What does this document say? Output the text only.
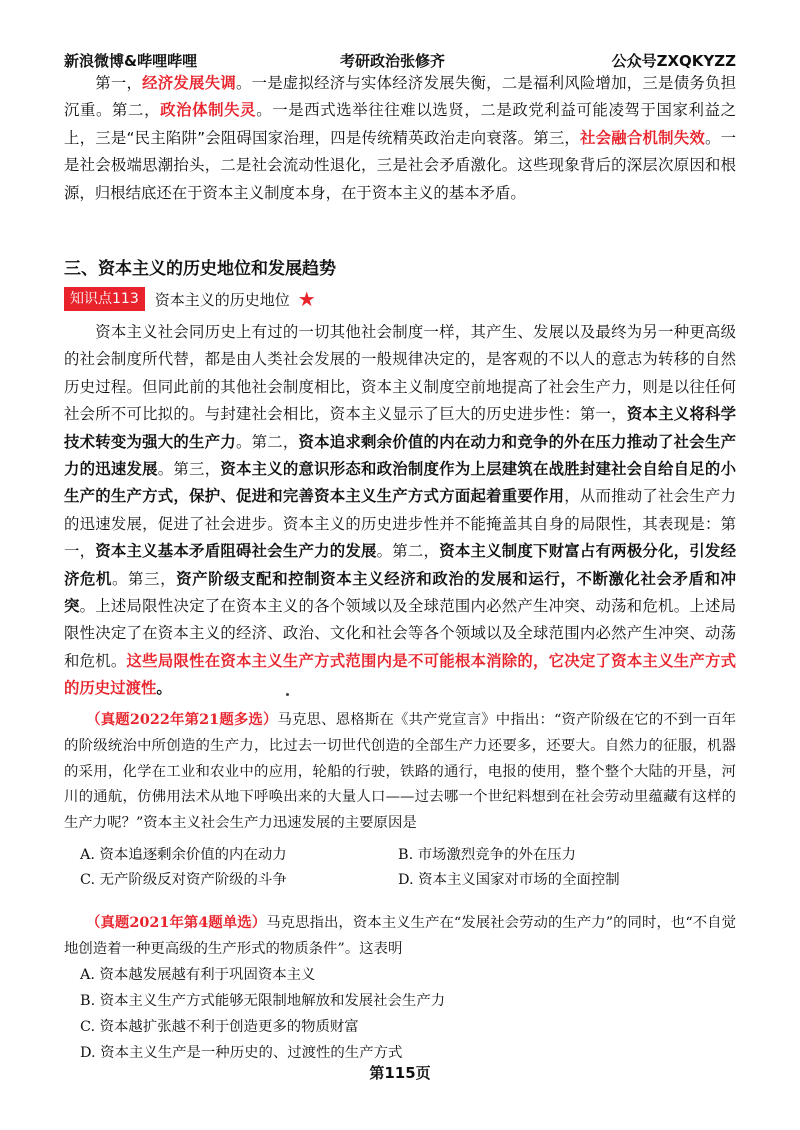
新浪微博&哔哩哔哩	考研政治张修齐	公众号ZXQKYZZ

第一，经济发展失调。一是虚拟经济与实体经济发展失衡，二是福利风险增加，三是债务负担沉重。第二，政治体制失灵。一是西式选举往往难以选贤，二是政党利益可能凌驾于国家利益之上，三是“民主陷阱”会阻碍国家治理，四是传统精英政治走向衰落。第三，社会融合机制失效。一是社会极端思潮抬头，二是社会流动性退化，三是社会矛盾激化。这些现象背后的深层次原因和根源，归根结底还在于资本主义制度本身，在于资本主义的基本矛盾。

三、资本主义的历史地位和发展趋势
知识点113	资本主义的历史地位 ★

资本主义社会同历史上有过的一切其他社会制度一样，其产生、发展以及最终为另一种更高级的社会制度所代替，都是由人类社会发展的一般规律决定的，是客观的不以人的意志为转移的自然历史过程。但同此前的其他社会制度相比，资本主义制度空前地提高了社会生产力，则是以往任何社会所不可比拟的。与封建社会相比，资本主义显示了巨大的历史进步性：第一，资本主义将科学技术转变为强大的生产力。第二，资本追求剩余价值的内在动力和竞争的外在压力推动了社会生产力的迅速发展。第三，资本主义的意识形态和政治制度作为上层建筑在战胜封建社会自给自足的小生产的生产方式，保护、促进和完善资本主义生产方式方面起着重要作用，从而推动了社会生产力的迅速发展，促进了社会进步。资本主义的历史进步性并不能掩盖其自身的局限性，其表现是：第一，资本主义基本矛盾阻碍社会生产力的发展。第二，资本主义制度下财富占有两极分化，引发经济危机。第三，资产阶级支配和控制资本主义经济和政治的发展和运行，不断激化社会矛盾和冲突。上述局限性决定了在资本主义的各个领域以及全球范围内必然产生冲突、动荡和危机。上述局限性决定了在资本主义的经济、政治、文化和社会等各个领域以及全球范围内必然产生冲突、动荡和危机。这些局限性在资本主义生产方式范围内是不可能根本消除的，它决定了资本主义生产方式的历史过渡性。

（真题2022年第21题多选）马克思、恩格斯在《共产党宣言》中指出：“资产阶级在它的不到一百年的阶级统治中所创造的生产力，比过去一切世代创造的全部生产力还要多，还要大。自然力的征服，机器的采用，化学在工业和农业中的应用，轮船的行驶，铁路的通行，电报的使用，整个整个大陆的开垦，河川的通航，仿佛用法术从地下呼唤出来的大量人口——过去哪一个世纪料想到在社会劳动里蕴藏有这样的生产力呢？”资本主义社会生产力迅速发展的主要原因是

A. 资本追逐剩余价值的内在动力	B. 市场激烈竞争的外在压力
C. 无产阶级反对资产阶级的斗争	D. 资本主义国家对市场的全面控制

（真题2021年第4题单选）马克思指出，资本主义生产在“发展社会劳动的生产力”的同时，也“不自觉地创造着一种更高级的生产形式的物质条件”。这表明

A. 资本越发展越有利于巩固资本主义
B. 资本主义生产方式能够无限制地解放和发展社会生产力
C. 资本越扩张越不利于创造更多的物质财富
D. 资本主义生产是一种历史的、过渡性的生产方式
第115页
